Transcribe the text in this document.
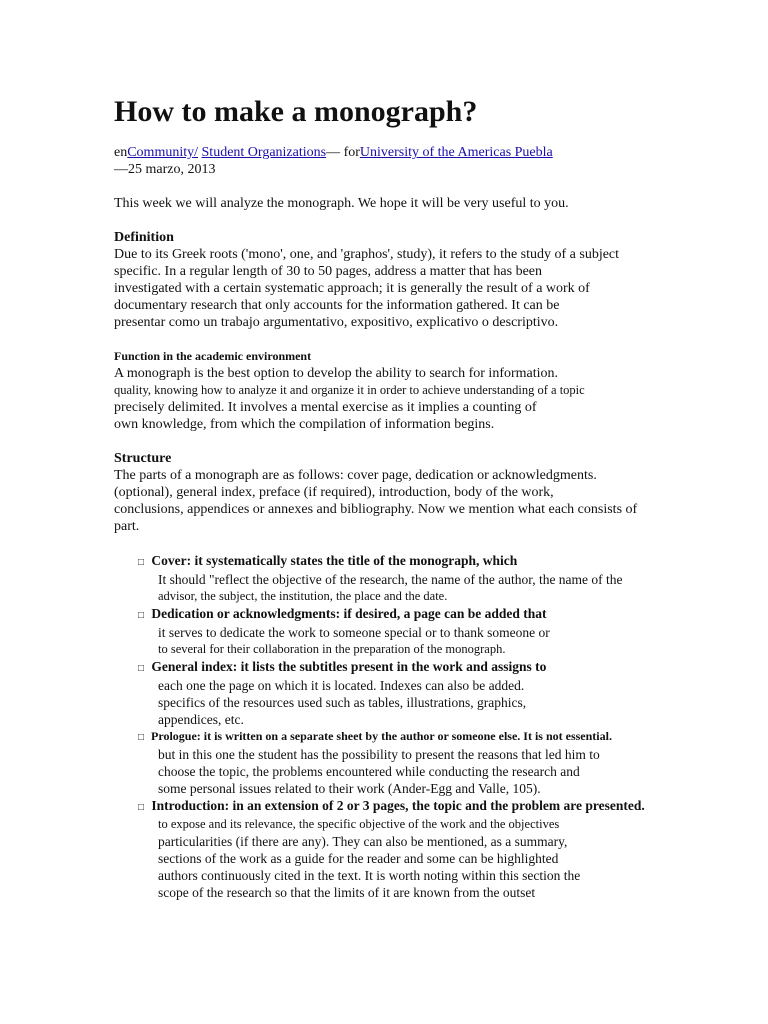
How to make a monograph?
enCommunity/ Student Organizations— forUniversity of the Americas Puebla
—25 marzo, 2013

This week we will analyze the monograph. We hope it will be very useful to you.

Definition
Due to its Greek roots ('mono', one, and 'graphos', study), it refers to the study of a subject
specific. In a regular length of 30 to 50 pages, address a matter that has been
investigated with a certain systematic approach; it is generally the result of a work of
documentary research that only accounts for the information gathered. It can be
presentar como un trabajo argumentativo, expositivo, explicativo o descriptivo.
Function in the academic environment
A monograph is the best option to develop the ability to search for information.
quality, knowing how to analyze it and organize it in order to achieve understanding of a topic
precisely delimited. It involves a mental exercise as it implies a counting of
own knowledge, from which the compilation of information begins.
Structure
The parts of a monograph are as follows: cover page, dedication or acknowledgments.
(optional), general index, preface (if required), introduction, body of the work,
conclusions, appendices or annexes and bibliography. Now we mention what each consists of
part.
□ Cover: it systematically states the title of the monograph, which
It should "reflect the objective of the research, the name of the author, the name of the
advisor, the subject, the institution, the place and the date.
□ Dedication or acknowledgments: if desired, a page can be added that
it serves to dedicate the work to someone special or to thank someone or
to several for their collaboration in the preparation of the monograph.
□ General index: it lists the subtitles present in the work and assigns to
each one the page on which it is located. Indexes can also be added.
specifics of the resources used such as tables, illustrations, graphics,
appendices, etc.
□ Prologue: it is written on a separate sheet by the author or someone else. It is not essential.
but in this one the student has the possibility to present the reasons that led him to
choose the topic, the problems encountered while conducting the research and
some personal issues related to their work (Ander-Egg and Valle, 105).
□ Introduction: in an extension of 2 or 3 pages, the topic and the problem are presented.
to expose and its relevance, the specific objective of the work and the objectives
particularities (if there are any). They can also be mentioned, as a summary,
sections of the work as a guide for the reader and some can be highlighted
authors continuously cited in the text. It is worth noting within this section the
scope of the research so that the limits of it are known from the outset
